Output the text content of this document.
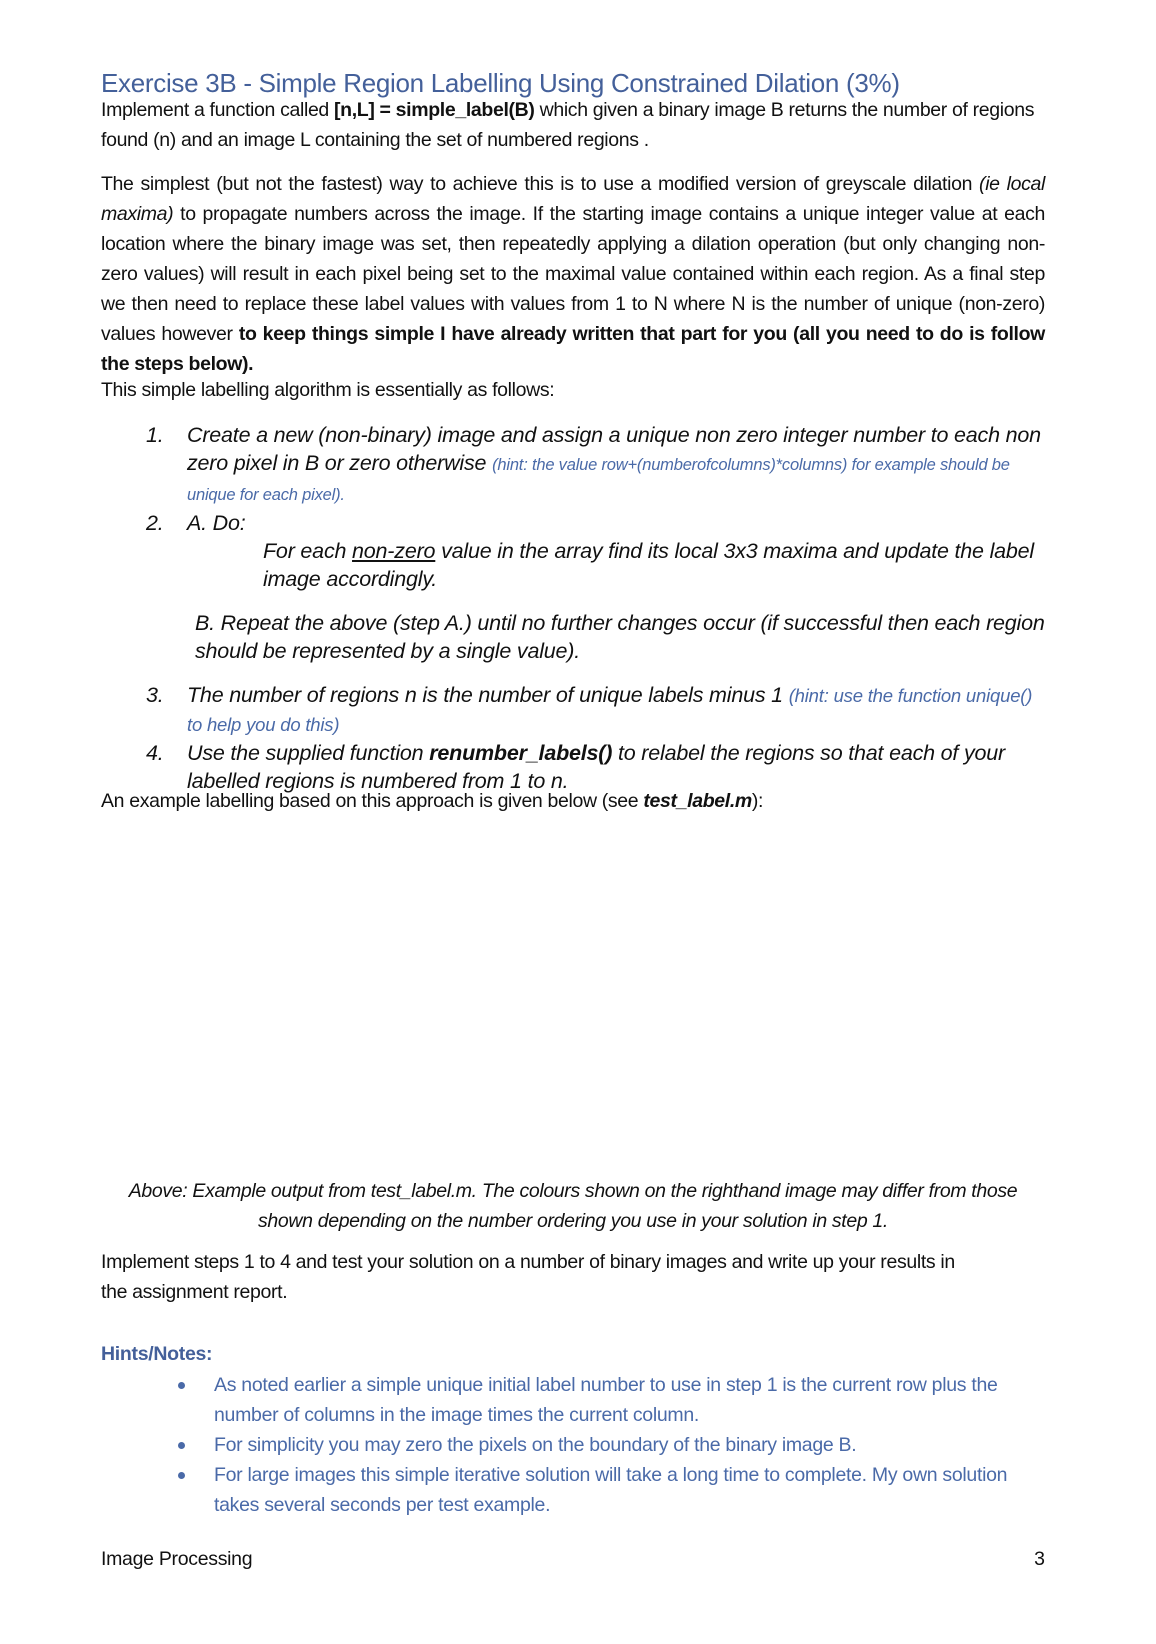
Exercise 3B - Simple Region Labelling Using Constrained Dilation (3%)

Implement a function called [n,L] = simple_label(B) which given a binary image B returns the number of regions found (n) and an image L containing the set of numbered regions .

The simplest (but not the fastest) way to achieve this is to use a modified version of greyscale dilation (ie local maxima) to propagate numbers across the image. If the starting image contains a unique integer value at each location where the binary image was set, then repeatedly applying a dilation operation (but only changing non-zero values) will result in each pixel being set to the maximal value contained within each region. As a final step we then need to replace these label values with values from 1 to N where N is the number of unique (non-zero) values however to keep things simple I have already written that part for you (all you need to do is follow the steps below).

This simple labelling algorithm is essentially as follows:

1. Create a new (non-binary) image and assign a unique non zero integer number to each non zero pixel in B or zero otherwise (hint: the value row+(numberofcolumns)*columns) for example should be unique for each pixel).
2. A. Do:
For each non-zero value in the array find its local 3x3 maxima and update the label image accordingly.
B. Repeat the above (step A.) until no further changes occur (if successful then each region should be represented by a single value).
3. The number of regions n is the number of unique labels minus 1 (hint: use the function unique() to help you do this)
4. Use the supplied function renumber_labels() to relabel the regions so that each of your labelled regions is numbered from 1 to n.

An example labelling based on this approach is given below (see test_label.m):

Above: Example output from test_label.m. The colours shown on the righthand image may differ from those shown depending on the number ordering you use in your solution in step 1.

Implement steps 1 to 4 and test your solution on a number of binary images and write up your results in the assignment report.

Hints/Notes:
As noted earlier a simple unique initial label number to use in step 1 is the current row plus the number of columns in the image times the current column.
For simplicity you may zero the pixels on the boundary of the binary image B.
For large images this simple iterative solution will take a long time to complete. My own solution takes several seconds per test example.
Image Processing	3
